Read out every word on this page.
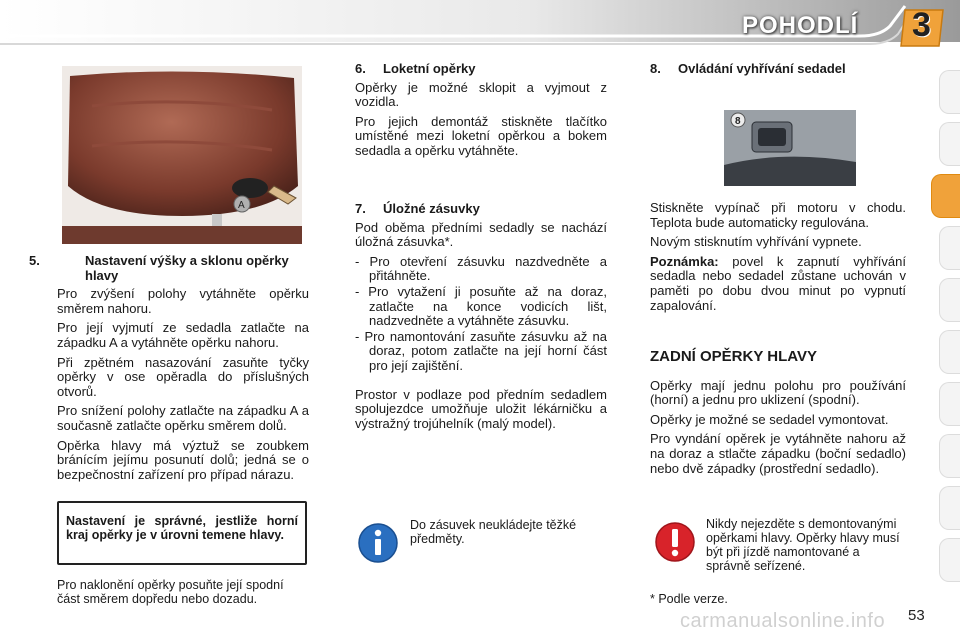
POHODLÍ 3
A
5.	Nastavení výšky a sklonu opěrky hlavy

Pro zvýšení polohy vytáhněte opěrku směrem nahoru.

Pro její vyjmutí ze sedadla zatlačte na západku A a vytáhněte opěrku nahoru.

Při zpětném nasazování zasuňte tyčky opěrky v ose opěradla do příslušných otvorů.

Pro snížení polohy zatlačte na západku A a současně zatlačte opěrku směrem dolů.

Opěrka hlavy má výztuž se zoubkem bránícím jejímu posunutí dolů; jedná se o bezpečnostní zařízení pro případ nárazu.

Nastavení je správné, jestliže horní kraj opěrky je v úrovni temene hlavy.
Pro naklonění opěrky posuňte její spodní část směrem dopředu nebo dozadu.
6. Loketní opěrky

Opěrky je možné sklopit a vyjmout z vozidla.

Pro jejich demontáž stiskněte tlačítko umístěné mezi loketní opěrkou a bokem sedadla a opěrku vytáhněte.

7. Úložné zásuvky

Pod oběma předními sedadly se nachází úložná zásuvka*.

- Pro otevření zásuvku nazdvedněte a přitáhněte.

- Pro vytažení ji posuňte až na doraz, zatlačte na konce vodicích lišt, nadzvedněte a vytáhněte zásuvku.

- Pro namontování zasuňte zásuvku až na doraz, potom zatlačte na její horní část pro její zajištění.

Prostor v podlaze pod předním sedadlem spolujezdce umožňuje uložit lékárničku a výstražný trojúhelník (malý model).

Do zásuvek neukládejte těžké předměty.
8. Ovládání vyhřívání sedadel
8

Stiskněte vypínač při motoru v chodu. Teplota bude automaticky regulována.

Novým stisknutím vyhřívání vypnete.

Poznámka: povel k zapnutí vyhřívání sedadla nebo sedadel zůstane uchován v paměti po dobu dvou minut po vypnutí zapalování.

ZADNÍ OPĚRKY HLAVY

Opěrky mají jednu polohu pro používání (horní) a jednu pro uklizení (spodní).

Opěrky je možné se sedadel vymontovat.

Pro vyndání opěrek je vytáhněte nahoru až na doraz a stlačte západku (boční sedadlo) nebo dvě západky (prostřední sedadlo).

Nikdy nejezděte s demontovanými opěrkami hlavy. Opěrky hlavy musí být při jízdě namontované a správně seřízené.
* Podle verze.
carmanualsonline.info 53
